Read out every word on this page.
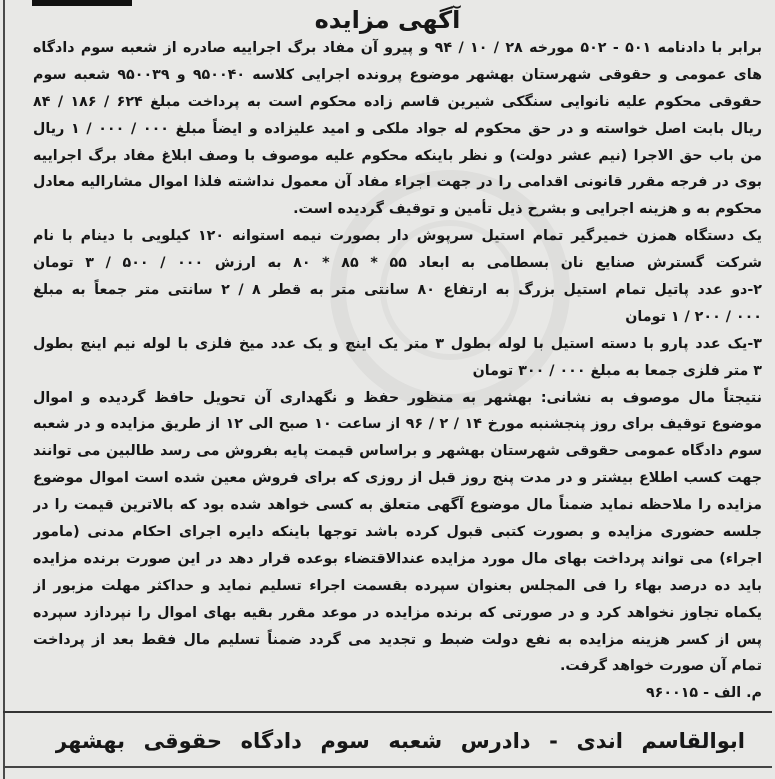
آگهی مزایده
برابر با دادنامه ۵۰۱ - ۵۰۲ مورخه ۲۸ / ۱۰ / ۹۴ و پیرو آن مفاد برگ اجراییه صادره از شعبه سوم دادگاه
های عمومی و حقوقی شهرستان بهشهر موضوع پرونده اجرایی کلاسه ۹۵۰۰۴۰ و ۹۵۰۰۳۹ شعبه سوم
حقوقی محکوم علیه نانوایی سنگکی شیرین قاسم زاده محکوم است به پرداخت مبلغ ۶۲۴ / ۱۸۶ / ۸۴
ریال بابت اصل خواسته و در حق محکوم له جواد ملکی و امید علیزاده و ایضاً مبلغ ۰۰۰ / ۰۰۰ / ۱ ریال
من باب حق الاجرا (نیم عشر دولت) و نظر باینکه محکوم علیه موصوف با وصف ابلاغ مفاد برگ اجراییه
بوی در فرجه مقرر قانونی اقدامی را در جهت اجراء مفاد آن معمول نداشته فلذا اموال مشارالیه معادل
محکوم به و هزینه اجرایی و بشرح ذیل تأمین و توقیف گردیده است.
یک دستگاه همزن خمیرگیر تمام استیل سرپوش دار بصورت نیمه استوانه ۱۲۰ کیلویی با دینام با نام
شرکت گسترش صنایع نان بسطامی به ابعاد ۵۵ * ۸۵ * ۸۰ به ارزش ۰۰۰ / ۵۰۰ / ۳ تومان
۲-دو عدد پاتیل تمام استیل بزرگ به ارتفاع ۸۰ سانتی متر به قطر ۸ / ۲ سانتی متر جمعاً به مبلغ
۰۰۰ / ۲۰۰ / ۱ تومان
۳-یک عدد پارو با دسته استیل با لوله بطول ۳ متر یک اینچ و یک عدد میخ فلزی با لوله نیم اینچ بطول
۳ متر فلزی جمعا به مبلغ ۰۰۰ / ۳۰۰ تومان
نتیجتاً مال موصوف به نشانی: بهشهر به منظور حفظ و نگهداری آن تحویل حافظ گردیده و اموال
موضوع توقیف برای روز پنجشنبه مورخ ۱۴ / ۲ / ۹۶ از ساعت ۱۰ صبح الی ۱۲ از طریق مزایده و در شعبه
سوم دادگاه عمومی حقوقی شهرستان بهشهر و براساس قیمت پایه بفروش می رسد طالبین می توانند
جهت کسب اطلاع بیشتر و در مدت پنج روز قبل از روزی که برای فروش معین شده است اموال موضوع
مزایده را ملاحظه نماید ضمناً مال موضوع آگهی متعلق به کسی خواهد شده بود که بالاترین قیمت را در
جلسه حضوری مزایده و بصورت کتبی قبول کرده باشد توجها باینکه دایره اجرای احکام مدنی (مامور
اجراء) می تواند پرداخت بهای مال مورد مزایده عندالاقتضاء بوعده قرار دهد در این صورت برنده مزایده
باید ده درصد بهاء را فی المجلس بعنوان سپرده بقسمت اجراء تسلیم نماید و حداکثر مهلت مزبور از
یکماه تجاوز نخواهد کرد و در صورتی که برنده مزایده در موعد مقرر بقیه بهای اموال را نپردازد سپرده
پس از کسر هزینه مزایده به نفع دولت ضبط و تجدید می گردد ضمناً تسلیم مال فقط بعد از پرداخت
تمام آن صورت خواهد گرفت.
م. الف - ۹۶۰۰۱۵
ابوالقاسم اندی - دادرس شعبه سوم دادگاه حقوقی بهشهر
